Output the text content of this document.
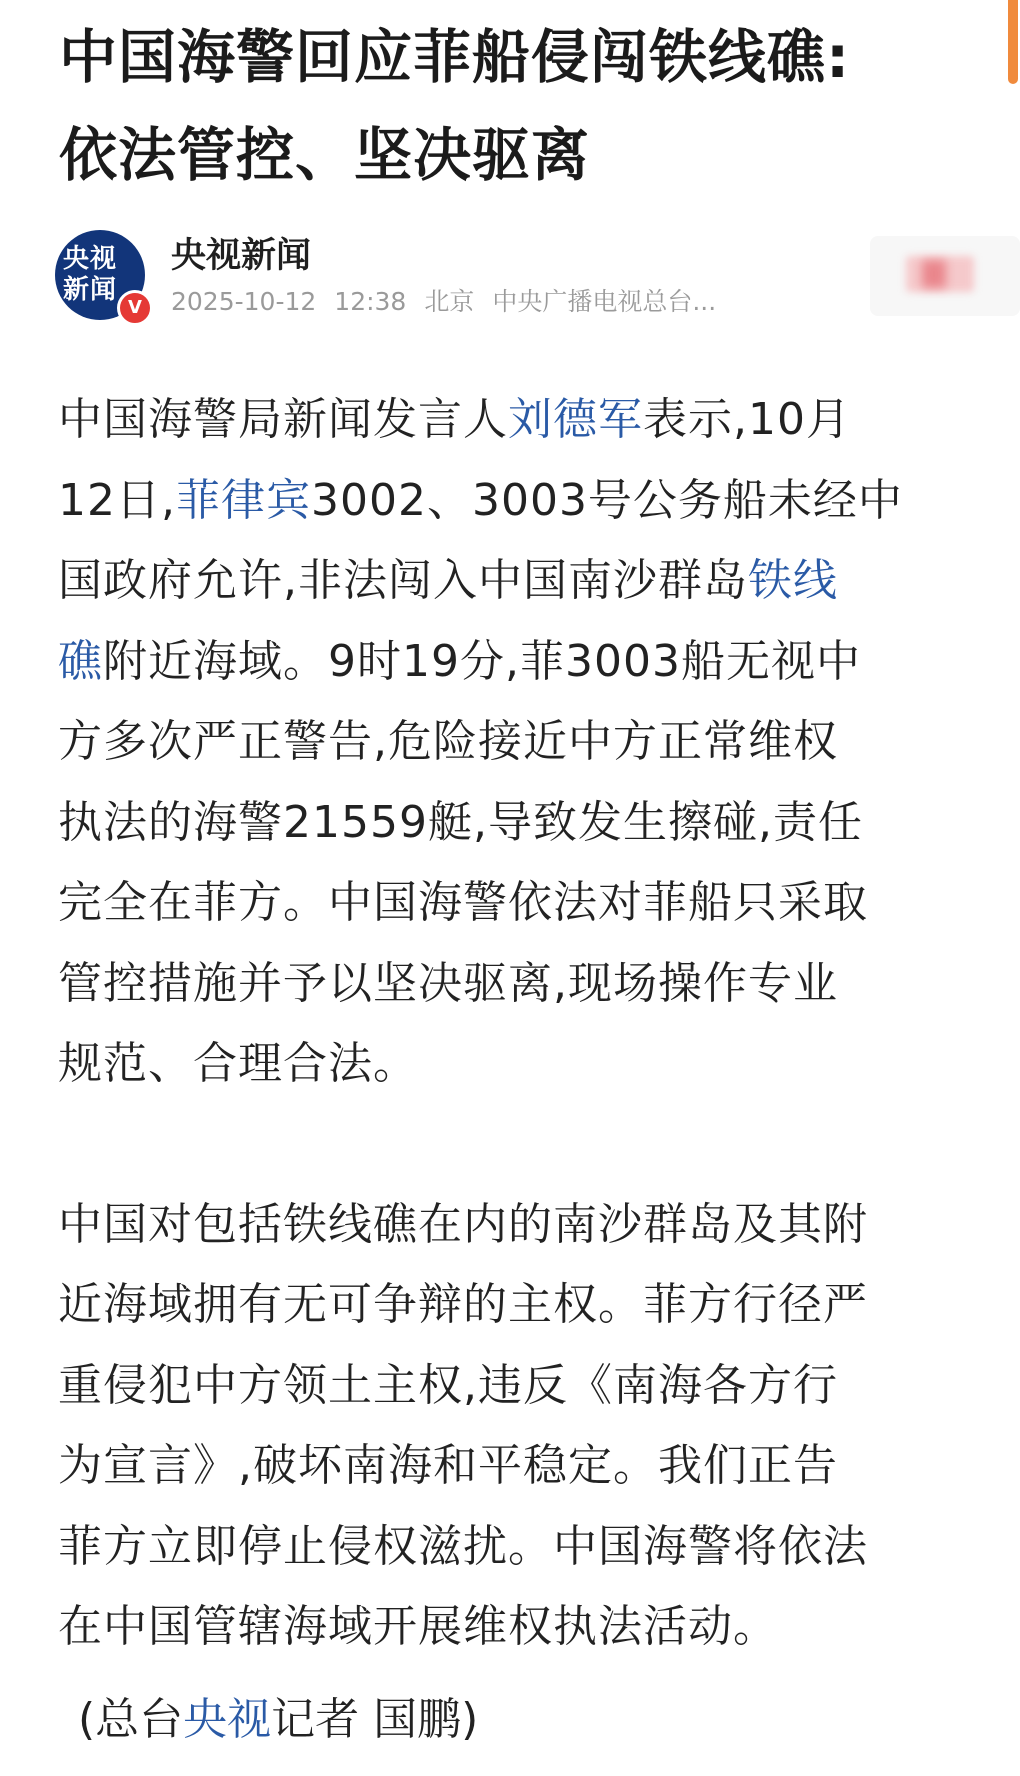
中国海警回应菲船侵闯铁线礁:
依法管控、坚决驱离
央视
新闻
V
央视新闻
2025-10-12 12:38 北京 中央广播电视总台...

中国海警局新闻发言人刘德军表示,10月
12日,菲律宾3002、3003号公务船未经中
国政府允许,非法闯入中国南沙群岛铁线
礁附近海域。9时19分,菲3003船无视中
方多次严正警告,危险接近中方正常维权
执法的海警21559艇,导致发生擦碰,责任
完全在菲方。中国海警依法对菲船只采取
管控措施并予以坚决驱离,现场操作专业
规范、合理合法。

中国对包括铁线礁在内的南沙群岛及其附
近海域拥有无可争辩的主权。菲方行径严
重侵犯中方领土主权,违反《南海各方行
为宣言》,破坏南海和平稳定。我们正告
菲方立即停止侵权滋扰。中国海警将依法
在中国管辖海域开展维权执法活动。

(总台央视记者 国鹏)
